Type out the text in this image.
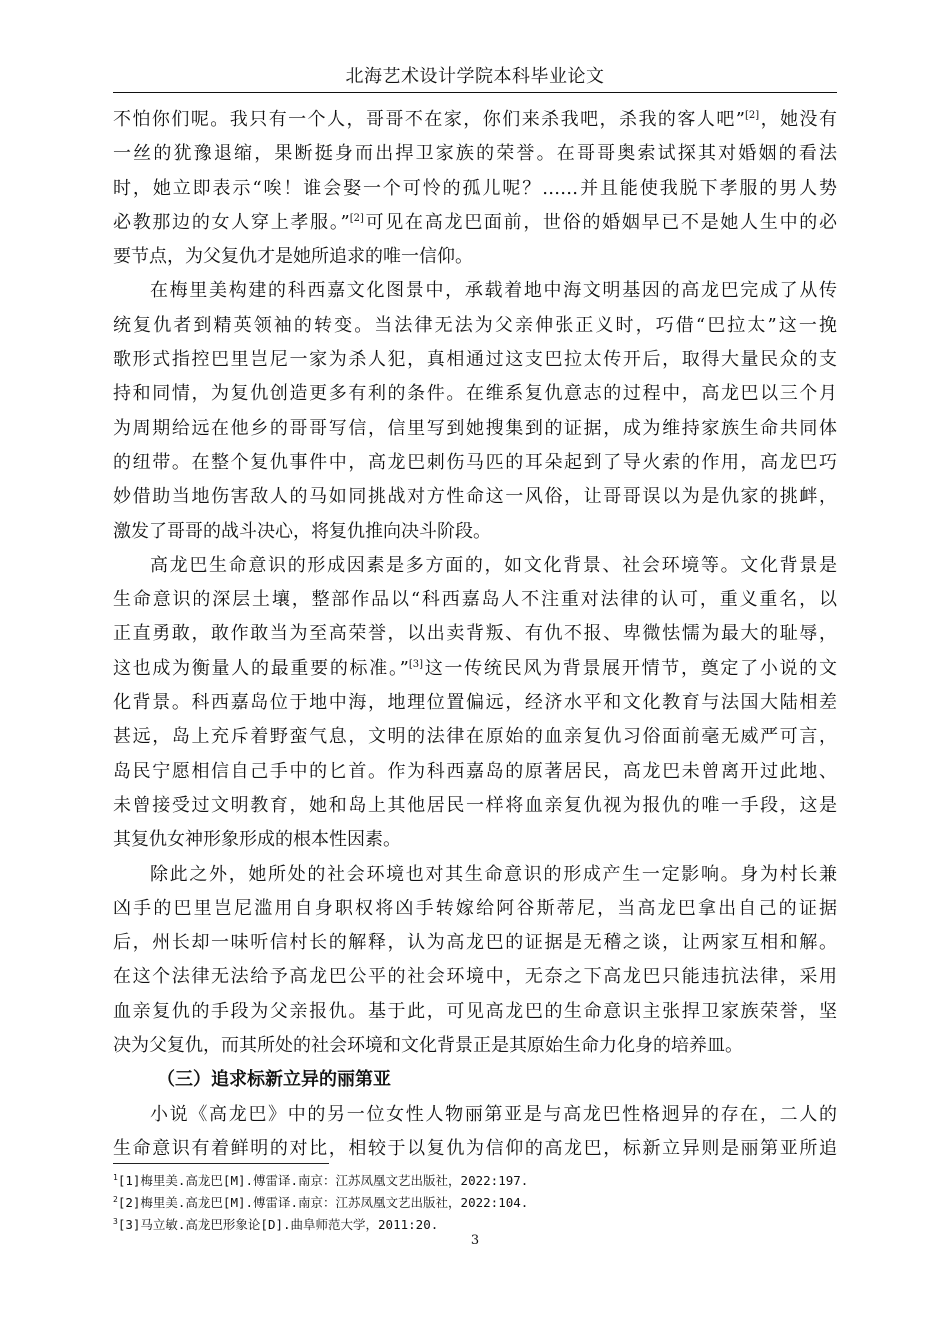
北海艺术设计学院本科毕业论文
不怕你们呢。我只有一个人，哥哥不在家，你们来杀我吧，杀我的客人吧”[2]，她没有
一丝的犹豫退缩，果断挺身而出捍卫家族的荣誉。在哥哥奥索试探其对婚姻的看法
时，她立即表示“唉！谁会娶一个可怜的孤儿呢？……并且能使我脱下孝服的男人势
必教那边的女人穿上孝服。”[2]可见在高龙巴面前，世俗的婚姻早已不是她人生中的必
要节点，为父复仇才是她所追求的唯一信仰。
在梅里美构建的科西嘉文化图景中，承载着地中海文明基因的高龙巴完成了从传
统复仇者到精英领袖的转变。当法律无法为父亲伸张正义时，巧借“巴拉太”这一挽
歌形式指控巴里岂尼一家为杀人犯，真相通过这支巴拉太传开后，取得大量民众的支
持和同情，为复仇创造更多有利的条件。在维系复仇意志的过程中，高龙巴以三个月
为周期给远在他乡的哥哥写信，信里写到她搜集到的证据，成为维持家族生命共同体
的纽带。在整个复仇事件中，高龙巴刺伤马匹的耳朵起到了导火索的作用，高龙巴巧
妙借助当地伤害敌人的马如同挑战对方性命这一风俗，让哥哥误以为是仇家的挑衅，
激发了哥哥的战斗决心，将复仇推向决斗阶段。
高龙巴生命意识的形成因素是多方面的，如文化背景、社会环境等。文化背景是
生命意识的深层土壤，整部作品以“科西嘉岛人不注重对法律的认可，重义重名，以
正直勇敢，敢作敢当为至高荣誉，以出卖背叛、有仇不报、卑微怯懦为最大的耻辱，
这也成为衡量人的最重要的标准。”[3]这一传统民风为背景展开情节，奠定了小说的文
化背景。科西嘉岛位于地中海，地理位置偏远，经济水平和文化教育与法国大陆相差
甚远，岛上充斥着野蛮气息，文明的法律在原始的血亲复仇习俗面前毫无威严可言，
岛民宁愿相信自己手中的匕首。作为科西嘉岛的原著居民，高龙巴未曾离开过此地、
未曾接受过文明教育，她和岛上其他居民一样将血亲复仇视为报仇的唯一手段，这是
其复仇女神形象形成的根本性因素。
除此之外，她所处的社会环境也对其生命意识的形成产生一定影响。身为村长兼
凶手的巴里岂尼滥用自身职权将凶手转嫁给阿谷斯蒂尼，当高龙巴拿出自己的证据
后，州长却一味听信村长的解释，认为高龙巴的证据是无稽之谈，让两家互相和解。
在这个法律无法给予高龙巴公平的社会环境中，无奈之下高龙巴只能违抗法律，采用
血亲复仇的手段为父亲报仇。基于此，可见高龙巴的生命意识主张捍卫家族荣誉，坚
决为父复仇，而其所处的社会环境和文化背景正是其原始生命力化身的培养皿。
（三）追求标新立异的丽第亚
小说《高龙巴》中的另一位女性人物丽第亚是与高龙巴性格迥异的存在，二人的
生命意识有着鲜明的对比，相较于以复仇为信仰的高龙巴，标新立异则是丽第亚所追
$^1$[1]梅里美.高龙巴[M].傅雷译.南京：江苏凤凰文艺出版社，2022:197.
$^2$[2]梅里美.高龙巴[M].傅雷译.南京：江苏凤凰文艺出版社，2022:104.
$^3$[3]马立敏.高龙巴形象论[D].曲阜师范大学，2011:20.
3
